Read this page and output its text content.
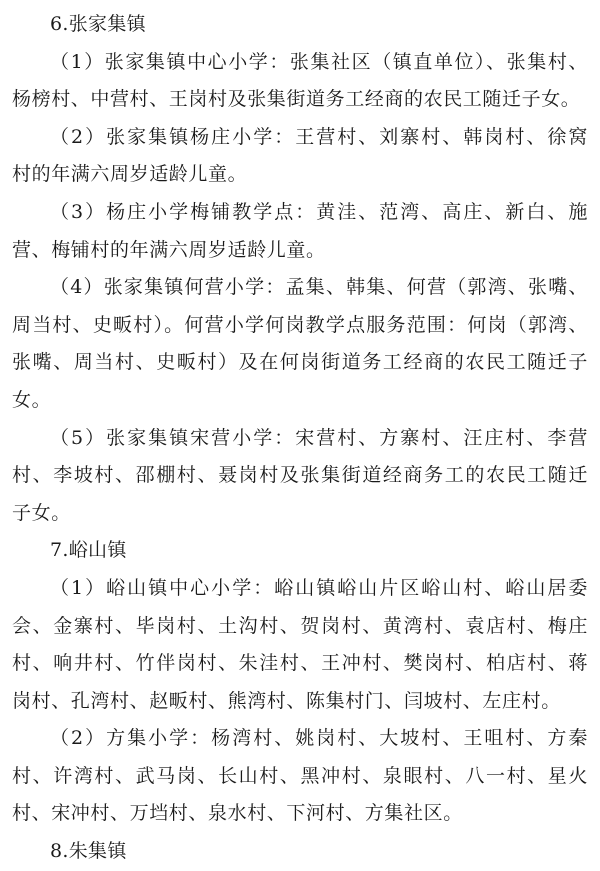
6.张家集镇
（1）张家集镇中心小学：张集社区（镇直单位）、张集村、
杨榜村、中营村、王岗村及张集街道务工经商的农民工随迁子女。
（2）张家集镇杨庄小学：王营村、刘寨村、韩岗村、徐窝
村的年满六周岁适龄儿童。
（3）杨庄小学梅铺教学点：黄洼、范湾、高庄、新白、施
营、梅铺村的年满六周岁适龄儿童。
（4）张家集镇何营小学：孟集、韩集、何营（郭湾、张嘴、
周当村、史畈村）。何营小学何岗教学点服务范围：何岗（郭湾、
张嘴、周当村、史畈村）及在何岗街道务工经商的农民工随迁子
女。
（5）张家集镇宋营小学：宋营村、方寨村、汪庄村、李营
村、李坡村、邵棚村、聂岗村及张集街道经商务工的农民工随迁
子女。
7.峪山镇
（1）峪山镇中心小学：峪山镇峪山片区峪山村、峪山居委
会、金寨村、毕岗村、土沟村、贺岗村、黄湾村、袁店村、梅庄
村、响井村、竹伴岗村、朱洼村、王冲村、樊岗村、柏店村、蒋
岗村、孔湾村、赵畈村、熊湾村、陈集村门、闫坡村、左庄村。
（2）方集小学：杨湾村、姚岗村、大坡村、王咀村、方秦
村、许湾村、武马岗、长山村、黑冲村、泉眼村、八一村、星火
村、宋冲村、万垱村、泉水村、下河村、方集社区。
8.朱集镇
